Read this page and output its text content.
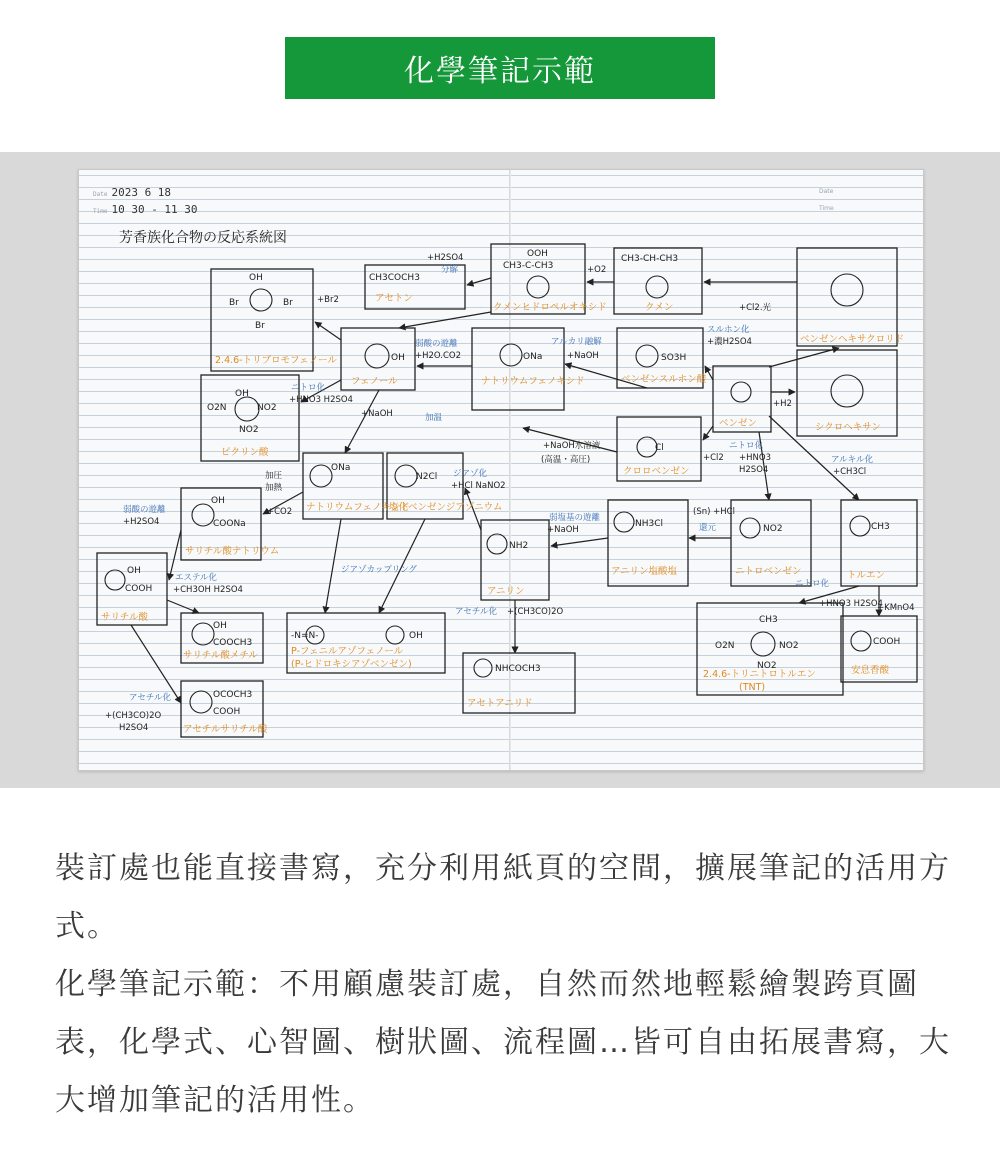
化學筆記示範
Date 2023 6 18
Time 10 30 - 11 30
Date
Time
芳香族化合物の反応系統図
OH
Br	Br
Br
CH3COCH3
OOH
CH3-C-CH3
CH3-CH-CH3
OH	ONa	SO3H
OH
O2N	NO2
NO2
Cl
ONa
N2Cl
OH
COONa	NH3Cl	NO2	CH3
NH2
OH
COOH
OH
COOCH3
-N=N-	OH
CH3
O2N	NO2
NO2
COOH
NHCOCH3
OCOCH3
COOH
2.4.6-トリブロモフェノール
アセトン
クメンヒドロペルオキシド	クメン
ベンゼンヘキサクロリド
フェノール	ナトリウムフェノキシド	ベンゼンスルホン酸
ピクリン酸
ベンゼン	シクロヘキサン
クロロベンゼン
トルエン
ナトリウムフェノキシド
塩化ベンゼンジアゾニウム
アニリン
アニリン塩酸塩	ニトロベンゼン
サリチル酸ナトリウム
サリチル酸
サリチル酸メチル	P-フェニルアゾフェノール
(P-ヒドロキシアゾベンゼン)
アセトアニリド
2.4.6-トリニトロトルエン
(TNT)
安息香酸
アセチルサリチル酸
+H2SO4
+O2
+Br2
+H2O.CO2	+NaOH
+濃H2SO4
+Cl2.光
+H2
+HNO3 H2SO4
+NaOH
+NaOH水溶液
(高温・高圧)	+Cl2 +HNO3
H2SO4	+CH3Cl
加圧
加熱
+CO2
+HCl NaNO2
+NaOH
(Sn) +HCl
+H2SO4
+CH3OH H2SO4
+(CH3CO)2O
+HNO3 H2SO4
+KMnO4
+(CH3CO)2O
H2SO4
分解
弱酸の遊離	アルカリ融解
スルホン化
ニトロ化
加温
ニトロ化
アルキル化
ジアゾ化
弱塩基の遊離
還元
弱酸の遊離
エステル化
ジアゾカップリング
アセチル化
ニトロ化
アセチル化

裝訂處也能直接書寫，充分利用紙頁的空間，擴展筆記的活用方式。

化學筆記示範：不用顧慮裝訂處，自然而然地輕鬆繪製跨頁圖表，化學式、心智圖、樹狀圖、流程圖…皆可自由拓展書寫，大大增加筆記的活用性。
